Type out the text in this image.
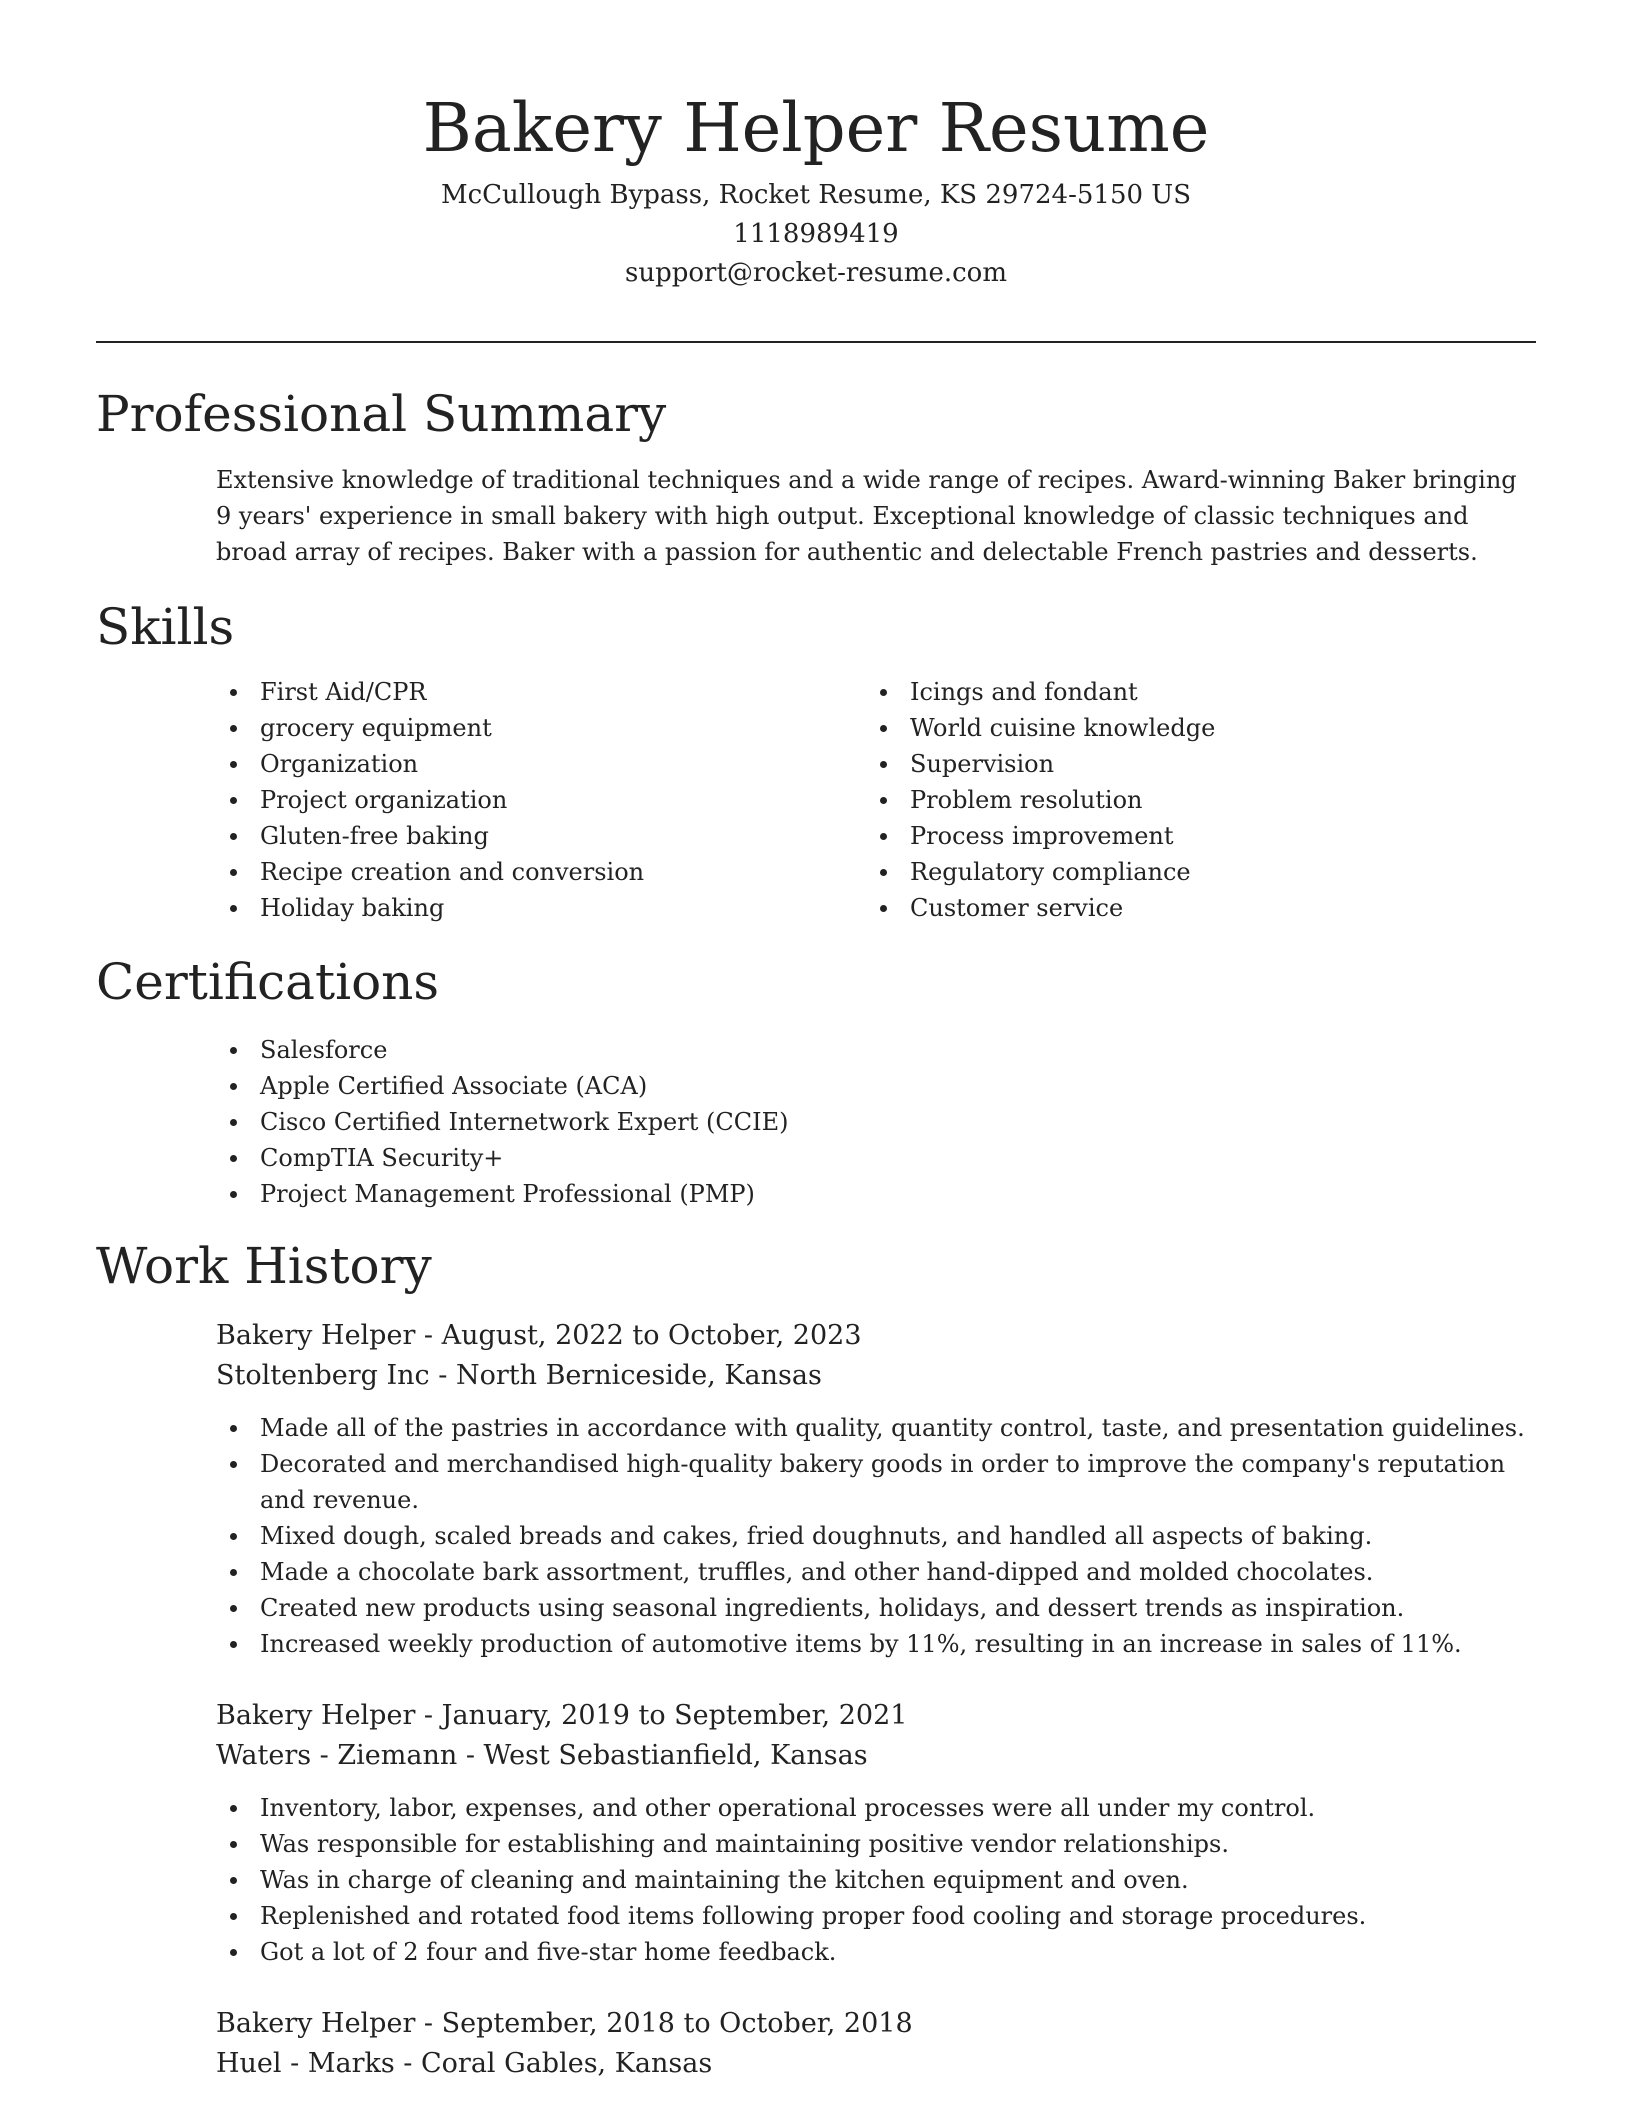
Bakery Helper Resume
McCullough Bypass, Rocket Resume, KS 29724-5150 US
1118989419
support@rocket-resume.com
Professional Summary
Extensive knowledge of traditional techniques and a wide range of recipes. Award-winning Baker bringing 9 years' experience in small bakery with high output. Exceptional knowledge of classic techniques and broad array of recipes. Baker with a passion for authentic and delectable French pastries and desserts.
Skills
First Aid/CPR
grocery equipment
Organization
Project organization
Gluten-free baking
Recipe creation and conversion
Holiday baking
Icings and fondant
World cuisine knowledge
Supervision
Problem resolution
Process improvement
Regulatory compliance
Customer service
Certifications
Salesforce
Apple Certified Associate (ACA)
Cisco Certified Internetwork Expert (CCIE)
CompTIA Security+
Project Management Professional (PMP)
Work History
Bakery Helper - August, 2022 to October, 2023
Stoltenberg Inc - North Berniceside, Kansas
Made all of the pastries in accordance with quality, quantity control, taste, and presentation guidelines.
Decorated and merchandised high-quality bakery goods in order to improve the company's reputation and revenue.
Mixed dough, scaled breads and cakes, fried doughnuts, and handled all aspects of baking.
Made a chocolate bark assortment, truffles, and other hand-dipped and molded chocolates.
Created new products using seasonal ingredients, holidays, and dessert trends as inspiration.
Increased weekly production of automotive items by 11%, resulting in an increase in sales of 11%.
Bakery Helper - January, 2019 to September, 2021
Waters - Ziemann - West Sebastianfield, Kansas
Inventory, labor, expenses, and other operational processes were all under my control.
Was responsible for establishing and maintaining positive vendor relationships.
Was in charge of cleaning and maintaining the kitchen equipment and oven.
Replenished and rotated food items following proper food cooling and storage procedures.
Got a lot of 2 four and five-star home feedback.
Bakery Helper - September, 2018 to October, 2018
Huel - Marks - Coral Gables, Kansas
